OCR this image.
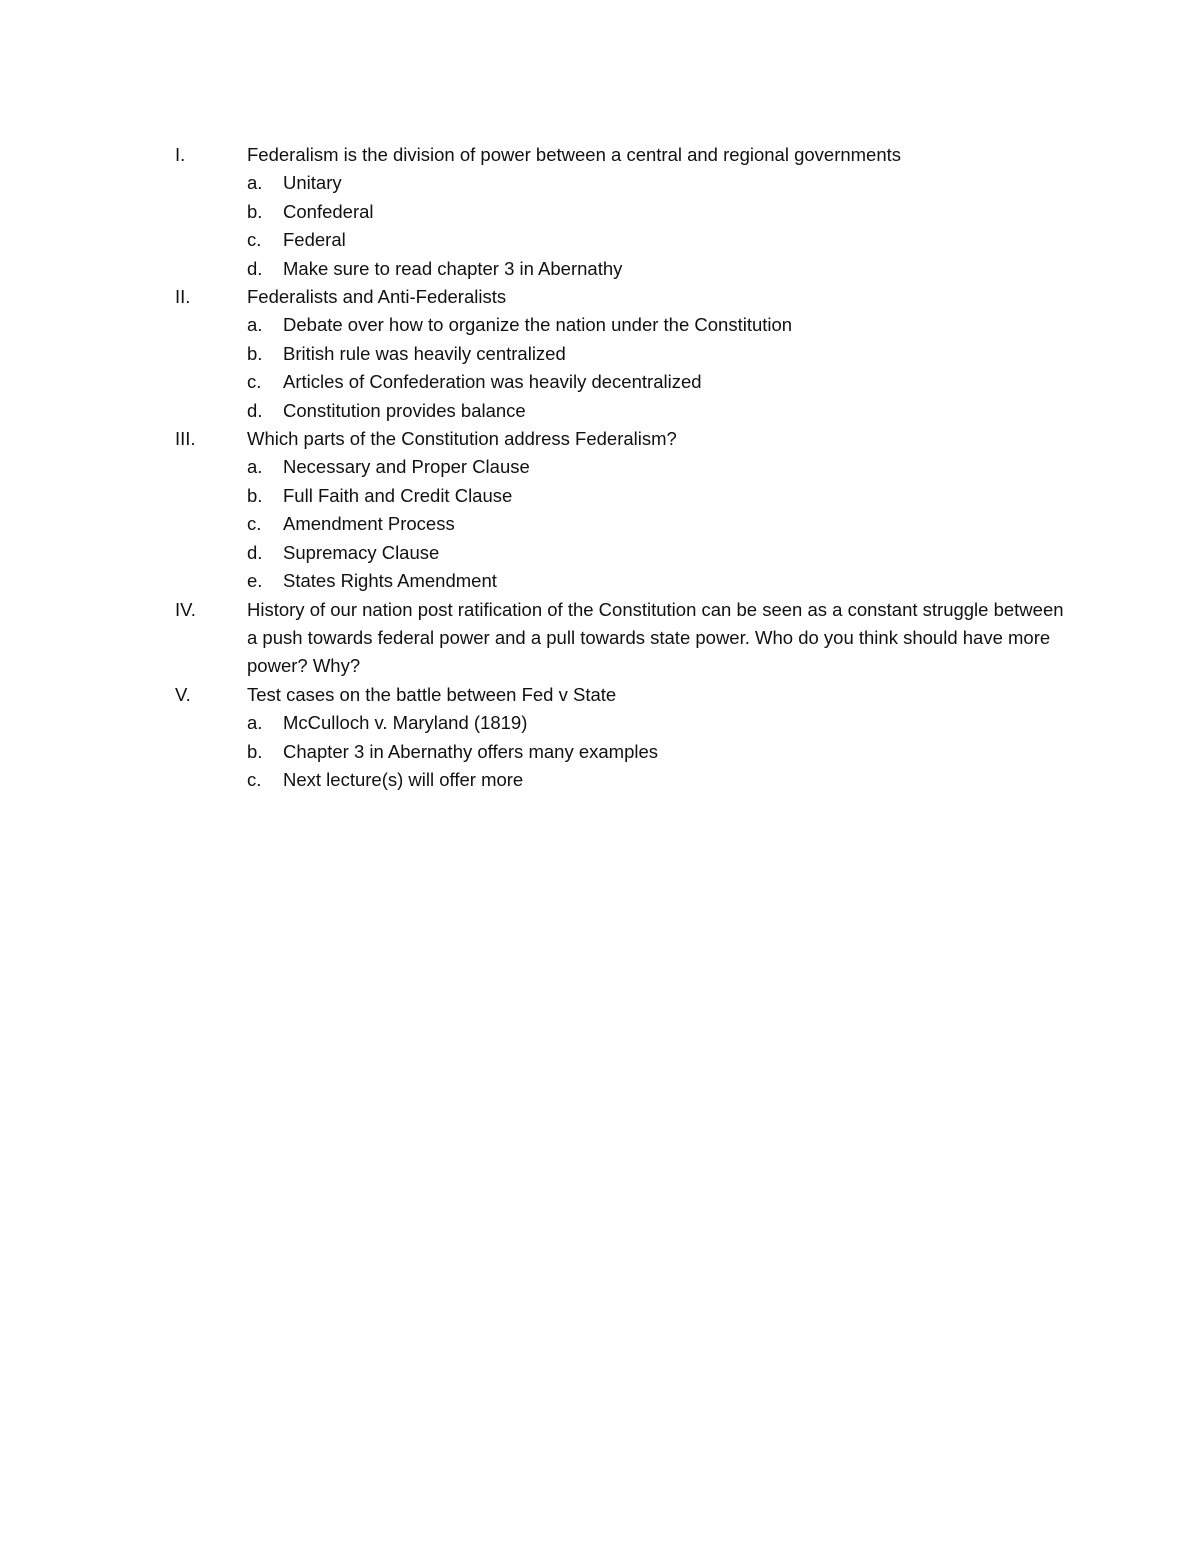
I.	Federalism is the division of power between a central and regional governments
a. Unitary
b. Confederal
c. Federal
d. Make sure to read chapter 3 in Abernathy
II.	Federalists and Anti-Federalists
a. Debate over how to organize the nation under the Constitution
b. British rule was heavily centralized
c. Articles of Confederation was heavily decentralized
d. Constitution provides balance
III.	Which parts of the Constitution address Federalism?
a. Necessary and Proper Clause
b. Full Faith and Credit Clause
c. Amendment Process
d. Supremacy Clause
e. States Rights Amendment
IV.	History of our nation post ratification of the Constitution can be seen as a constant struggle between a push towards federal power and a pull towards state power. Who do you think should have more power? Why?
V.	Test cases on the battle between Fed v State
a. McCulloch v. Maryland (1819)
b. Chapter 3 in Abernathy offers many examples
c. Next lecture(s) will offer more
